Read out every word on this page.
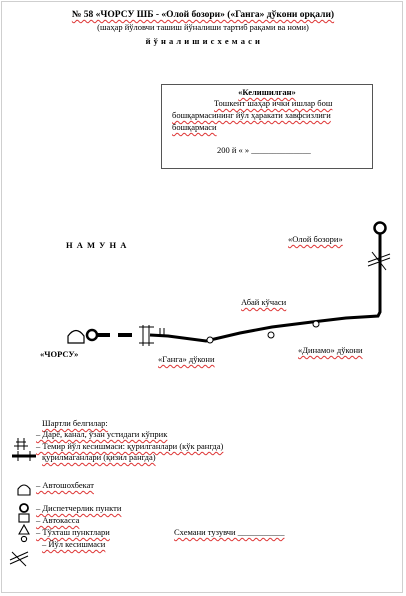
№ 58 «ЧОРСУ ШБ - «Олой бозори» («Ганга» дўкони орқали)
(шаҳар йўловчи ташиш йўналиши тартиб рақами ва номи)
й ў н а л и ш и с х е м а с и
«Келишилган»
Тошкент шаҳар ички ишлар бош
бошқармасининг йўл ҳаракати хавфсизлиги
бошқармаси
200 й « » ______________
Н А М У Н А
«Олой бозори»
Абай кўчаси
«ЧОРСУ»	«Ганга» дўкони
«Динамо» дўкони
Шартли белгилар:
– Дарё, канал, ўзан устидаги кўприк
– Темир йўл кесишмаси: қурилганлари (кўк рангда)
қурилмаганлари (қизил рангда)
– Автошохбекат
– Диспетчерлик пункти
– Автокасса
– Тўхташ пунктлари
– Йўл кесишмаси
Схемани тузувчи ___________
